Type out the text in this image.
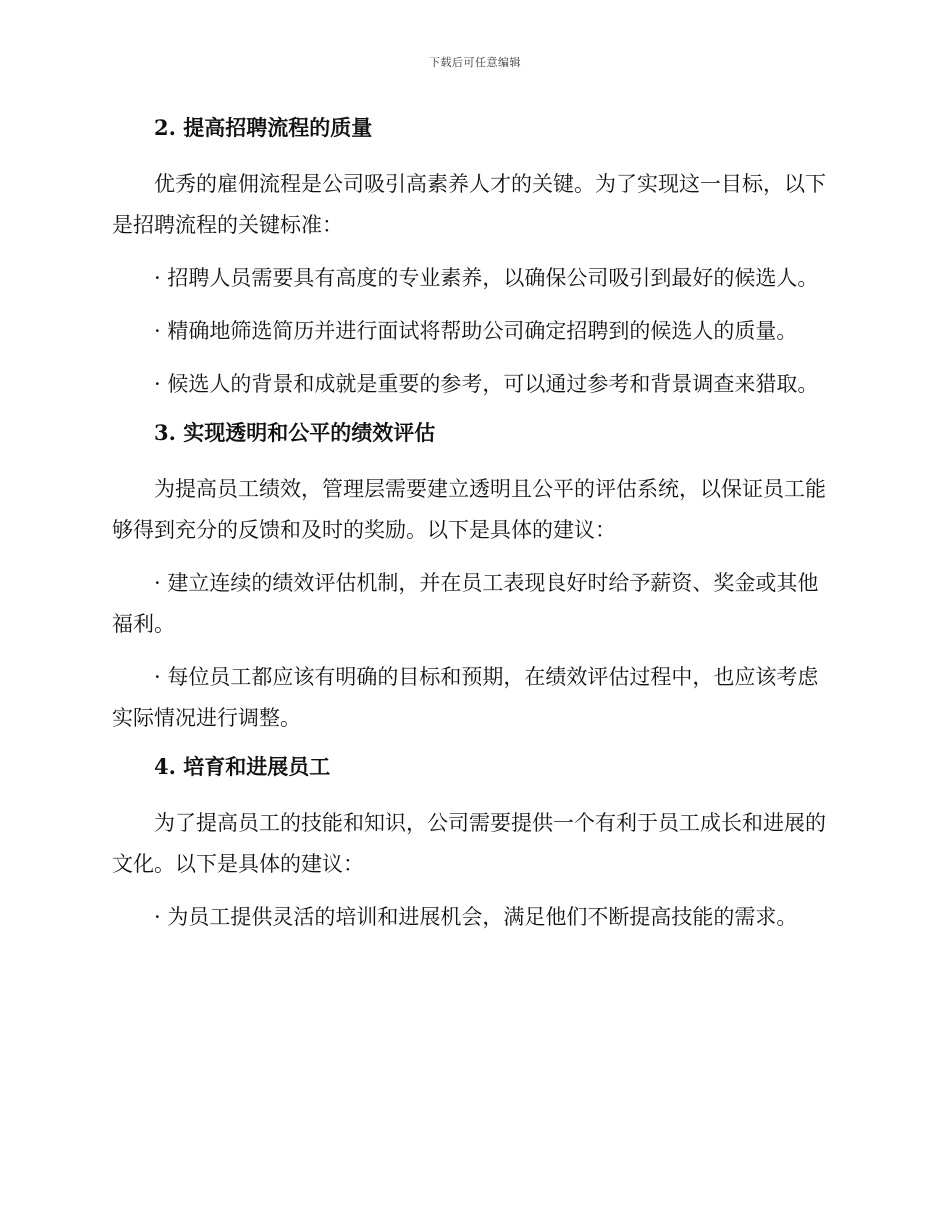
下载后可任意编辑
2. 提高招聘流程的质量

优秀的雇佣流程是公司吸引高素养人才的关键。为了实现这一目标，以下是招聘流程的关键标准：

· 招聘人员需要具有高度的专业素养，以确保公司吸引到最好的候选人。

· 精确地筛选简历并进行面试将帮助公司确定招聘到的候选人的质量。

· 候选人的背景和成就是重要的参考，可以通过参考和背景调查来猎取。

3. 实现透明和公平的绩效评估

为提高员工绩效，管理层需要建立透明且公平的评估系统，以保证员工能够得到充分的反馈和及时的奖励。以下是具体的建议：

· 建立连续的绩效评估机制，并在员工表现良好时给予薪资、奖金或其他福利。

· 每位员工都应该有明确的目标和预期，在绩效评估过程中，也应该考虑实际情况进行调整。

4. 培育和进展员工

为了提高员工的技能和知识，公司需要提供一个有利于员工成长和进展的文化。以下是具体的建议：

· 为员工提供灵活的培训和进展机会，满足他们不断提高技能的需求。
